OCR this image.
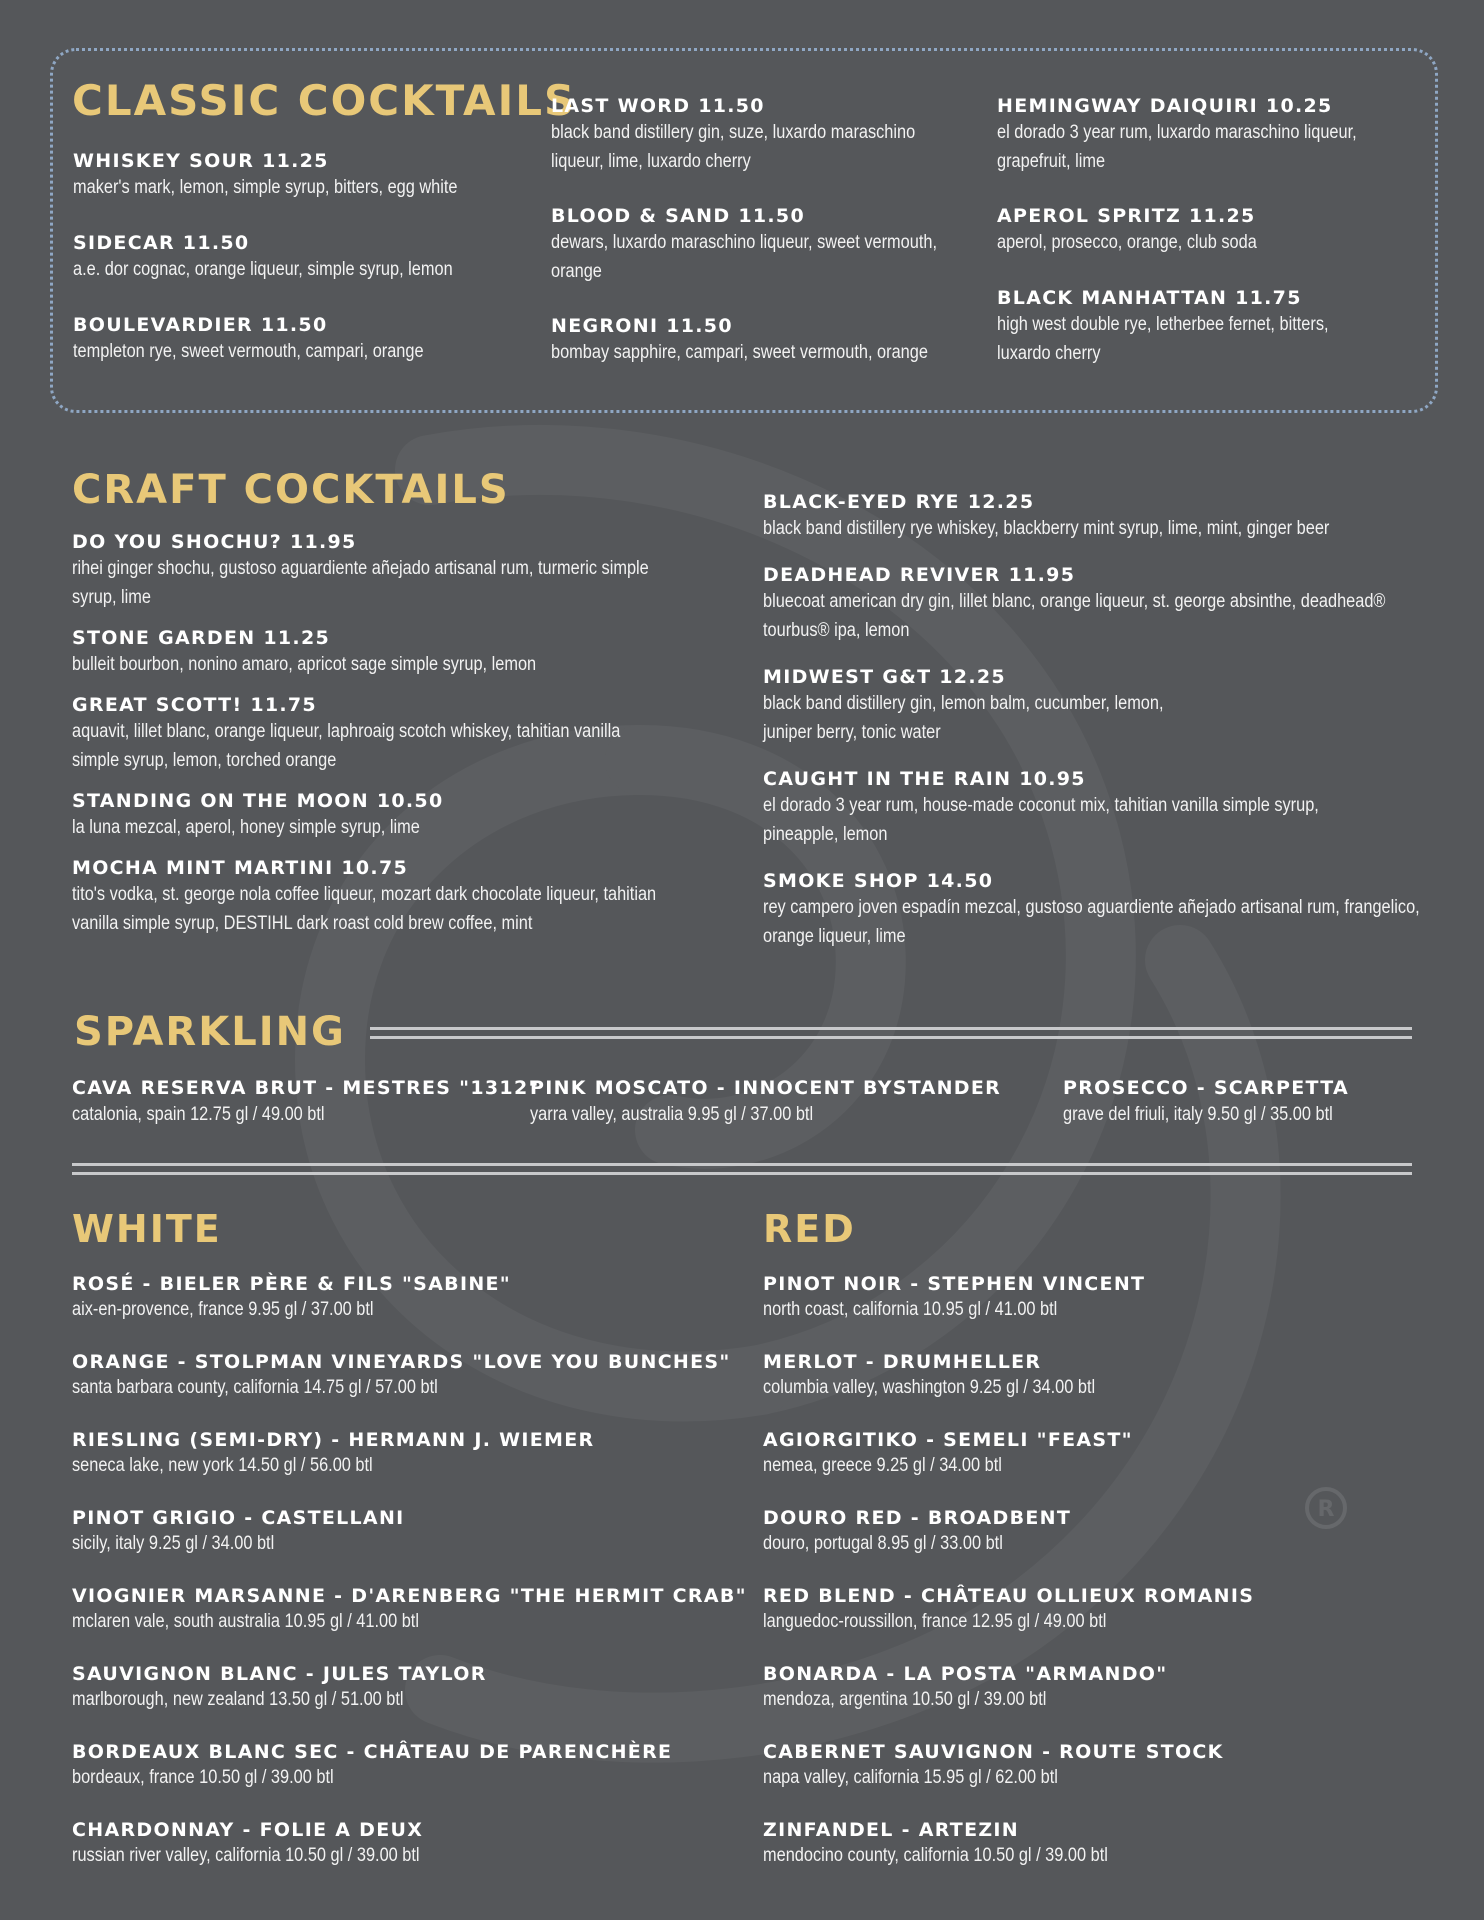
R
CLASSIC COCKTAILS
WHISKEY SOUR 11.25
maker's mark, lemon, simple syrup, bitters, egg white
SIDECAR 11.50
a.e. dor cognac, orange liqueur, simple syrup, lemon
BOULEVARDIER 11.50
templeton rye, sweet vermouth, campari, orange
LAST WORD 11.50
black band distillery gin, suze, luxardo maraschino
liqueur, lime, luxardo cherry
BLOOD & SAND 11.50
dewars, luxardo maraschino liqueur, sweet vermouth,
orange
NEGRONI 11.50
bombay sapphire, campari, sweet vermouth, orange
HEMINGWAY DAIQUIRI 10.25
el dorado 3 year rum, luxardo maraschino liqueur,
grapefruit, lime
APEROL SPRITZ 11.25
aperol, prosecco, orange, club soda
BLACK MANHATTAN 11.75
high west double rye, letherbee fernet, bitters,
luxardo cherry
CRAFT COCKTAILS
DO YOU SHOCHU? 11.95
rihei ginger shochu, gustoso aguardiente añejado artisanal rum, turmeric simple
syrup, lime
STONE GARDEN 11.25
bulleit bourbon, nonino amaro, apricot sage simple syrup, lemon
GREAT SCOTT! 11.75
aquavit, lillet blanc, orange liqueur, laphroaig scotch whiskey, tahitian vanilla
simple syrup, lemon, torched orange
STANDING ON THE MOON 10.50
la luna mezcal, aperol, honey simple syrup, lime
MOCHA MINT MARTINI 10.75
tito's vodka, st. george nola coffee liqueur, mozart dark chocolate liqueur, tahitian
vanilla simple syrup, DESTIHL dark roast cold brew coffee, mint
BLACK-EYED RYE 12.25
black band distillery rye whiskey, blackberry mint syrup, lime, mint, ginger beer
DEADHEAD REVIVER 11.95
bluecoat american dry gin, lillet blanc, orange liqueur, st. george absinthe, deadhead®
tourbus® ipa, lemon
MIDWEST G&T 12.25
black band distillery gin, lemon balm, cucumber, lemon,
juniper berry, tonic water
CAUGHT IN THE RAIN 10.95
el dorado 3 year rum, house-made coconut mix, tahitian vanilla simple syrup,
pineapple, lemon
SMOKE SHOP 14.50
rey campero joven espadín mezcal, gustoso aguardiente añejado artisanal rum, frangelico,
orange liqueur, lime
SPARKLING
CAVA RESERVA BRUT - MESTRES "1312"
catalonia, spain 12.75 gl / 49.00 btl
PINK MOSCATO - INNOCENT BYSTANDER
yarra valley, australia 9.95 gl / 37.00 btl
PROSECCO - SCARPETTA
grave del friuli, italy 9.50 gl / 35.00 btl
WHITE
ROSÉ - BIELER PÈRE & FILS "SABINE"
aix-en-provence, france 9.95 gl / 37.00 btl
ORANGE - STOLPMAN VINEYARDS "LOVE YOU BUNCHES"
santa barbara county, california 14.75 gl / 57.00 btl
RIESLING (SEMI-DRY) - HERMANN J. WIEMER
seneca lake, new york 14.50 gl / 56.00 btl
PINOT GRIGIO - CASTELLANI
sicily, italy 9.25 gl / 34.00 btl
VIOGNIER MARSANNE - D'ARENBERG "THE HERMIT CRAB"
mclaren vale, south australia 10.95 gl / 41.00 btl
SAUVIGNON BLANC - JULES TAYLOR
marlborough, new zealand 13.50 gl / 51.00 btl
BORDEAUX BLANC SEC - CHÂTEAU DE PARENCHÈRE
bordeaux, france 10.50 gl / 39.00 btl
CHARDONNAY - FOLIE A DEUX
russian river valley, california 10.50 gl / 39.00 btl
RED
PINOT NOIR - STEPHEN VINCENT
north coast, california 10.95 gl / 41.00 btl
MERLOT - DRUMHELLER
columbia valley, washington 9.25 gl / 34.00 btl
AGIORGITIKO - SEMELI "FEAST"
nemea, greece 9.25 gl / 34.00 btl
DOURO RED - BROADBENT
douro, portugal 8.95 gl / 33.00 btl
RED BLEND - CHÂTEAU OLLIEUX ROMANIS
languedoc-roussillon, france 12.95 gl / 49.00 btl
BONARDA - LA POSTA "ARMANDO"
mendoza, argentina 10.50 gl / 39.00 btl
CABERNET SAUVIGNON - ROUTE STOCK
napa valley, california 15.95 gl / 62.00 btl
ZINFANDEL - ARTEZIN
mendocino county, california 10.50 gl / 39.00 btl
